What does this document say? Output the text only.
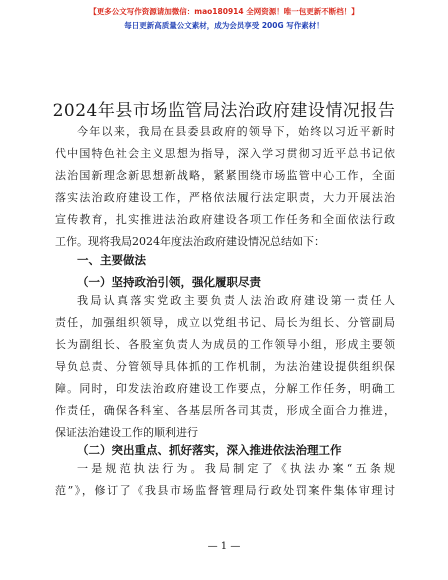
【更多公文写作资源请加微信：mao180914 全网资源！唯一包更新不断档！】
每日更新高质量公文素材，成为会员享受 200G 写作素材！
2024年县市场监管局法治政府建设情况报告
今年以来，我局在县委县政府的领导下，始终以习近平新时
代中国特色社会主义思想为指导，深入学习贯彻习近平总书记依
法治国新理念新思想新战略，紧紧围绕市场监管中心工作，全面
落实法治政府建设工作，严格依法履行法定职责，大力开展法治
宣传教育，扎实推进法治政府建设各项工作任务和全面依法行政
工作。现将我局2024年度法治政府建设情况总结如下：
一、主要做法
（一）坚持政治引领，强化履职尽责
我局认真落实党政主要负责人法治政府建设第一责任人
责任，加强组织领导，成立以党组书记、局长为组长、分管副局
长为副组长、各股室负责人为成员的工作领导小组，形成主要领
导负总责、分管领导具体抓的工作机制，为法治建设提供组织保
障。同时，印发法治政府建设工作要点，分解工作任务，明确工
作责任，确保各科室、各基层所各司其责，形成全面合力推进，
保证法治建设工作的顺利进行
（二）突出重点、抓好落实，深入推进依法治理工作
一是规范执法行为。我局制定了《执法办案“五条规
范”》，修订了《我县市场监督管理局行政处罚案件集体审理讨
— 1 —
